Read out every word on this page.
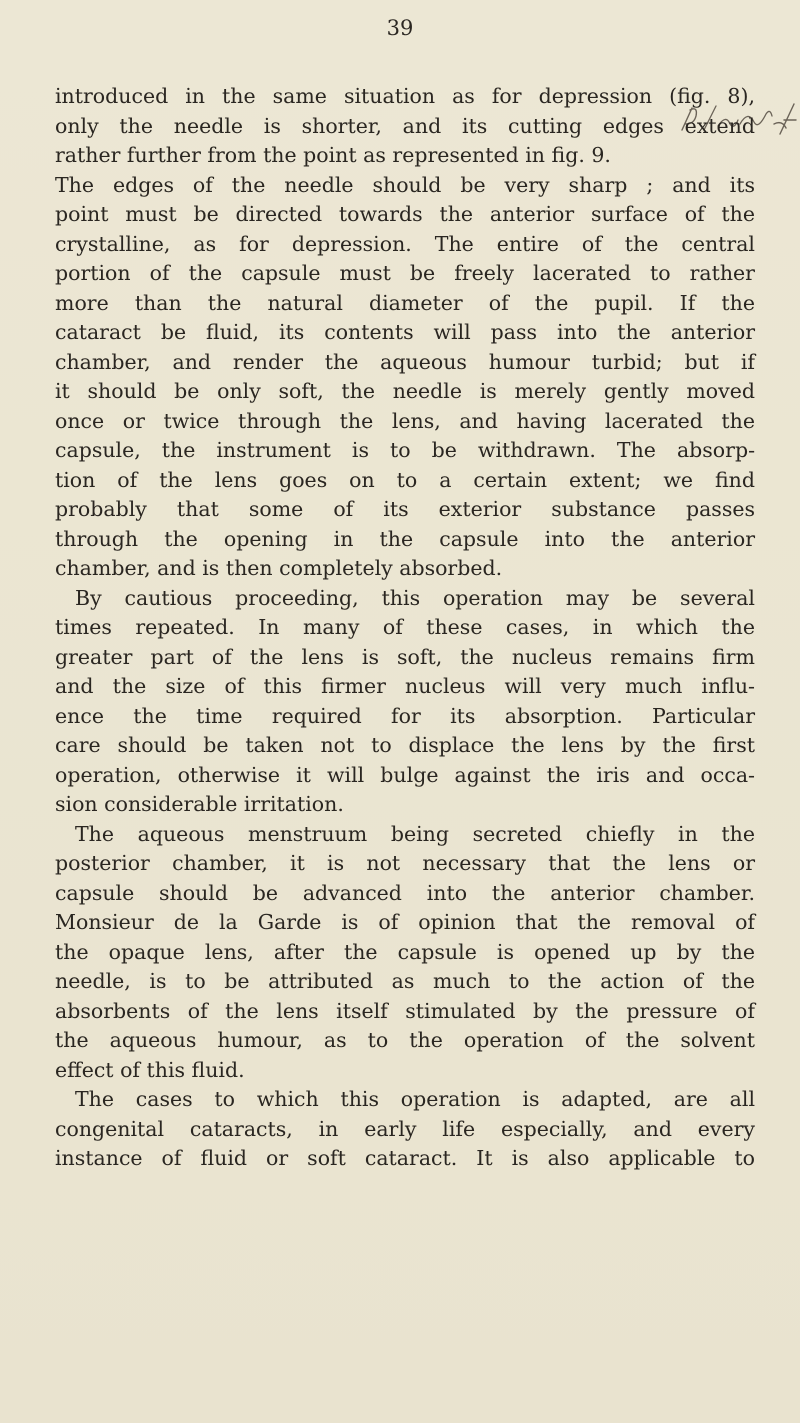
39
introduced in the same situation as for depression (fig. 8),
only the needle is shorter, and its cutting edges extend
rather further from the point as represented in fig. 9.
The edges of the needle should be very sharp ; and its
point must be directed towards the anterior surface of the
crystalline, as for depression. The entire of the central
portion of the capsule must be freely lacerated to rather
more than the natural diameter of the pupil. If the
cataract be fluid, its contents will pass into the anterior
chamber, and render the aqueous humour turbid; but if
it should be only soft, the needle is merely gently moved
once or twice through the lens, and having lacerated the
capsule, the instrument is to be withdrawn. The absorp-
tion of the lens goes on to a certain extent; we find
probably that some of its exterior substance passes
through the opening in the capsule into the anterior
chamber, and is then completely absorbed.
By cautious proceeding, this operation may be several
times repeated. In many of these cases, in which the
greater part of the lens is soft, the nucleus remains firm
and the size of this firmer nucleus will very much influ-
ence the time required for its absorption. Particular
care should be taken not to displace the lens by the first
operation, otherwise it will bulge against the iris and occa-
sion considerable irritation.
The aqueous menstruum being secreted chiefly in the
posterior chamber, it is not necessary that the lens or
capsule should be advanced into the anterior chamber.
Monsieur de la Garde is of opinion that the removal of
the opaque lens, after the capsule is opened up by the
needle, is to be attributed as much to the action of the
absorbents of the lens itself stimulated by the pressure of
the aqueous humour, as to the operation of the solvent
effect of this fluid.
The cases to which this operation is adapted, are all
congenital cataracts, in early life especially, and every
instance of fluid or soft cataract. It is also applicable to
